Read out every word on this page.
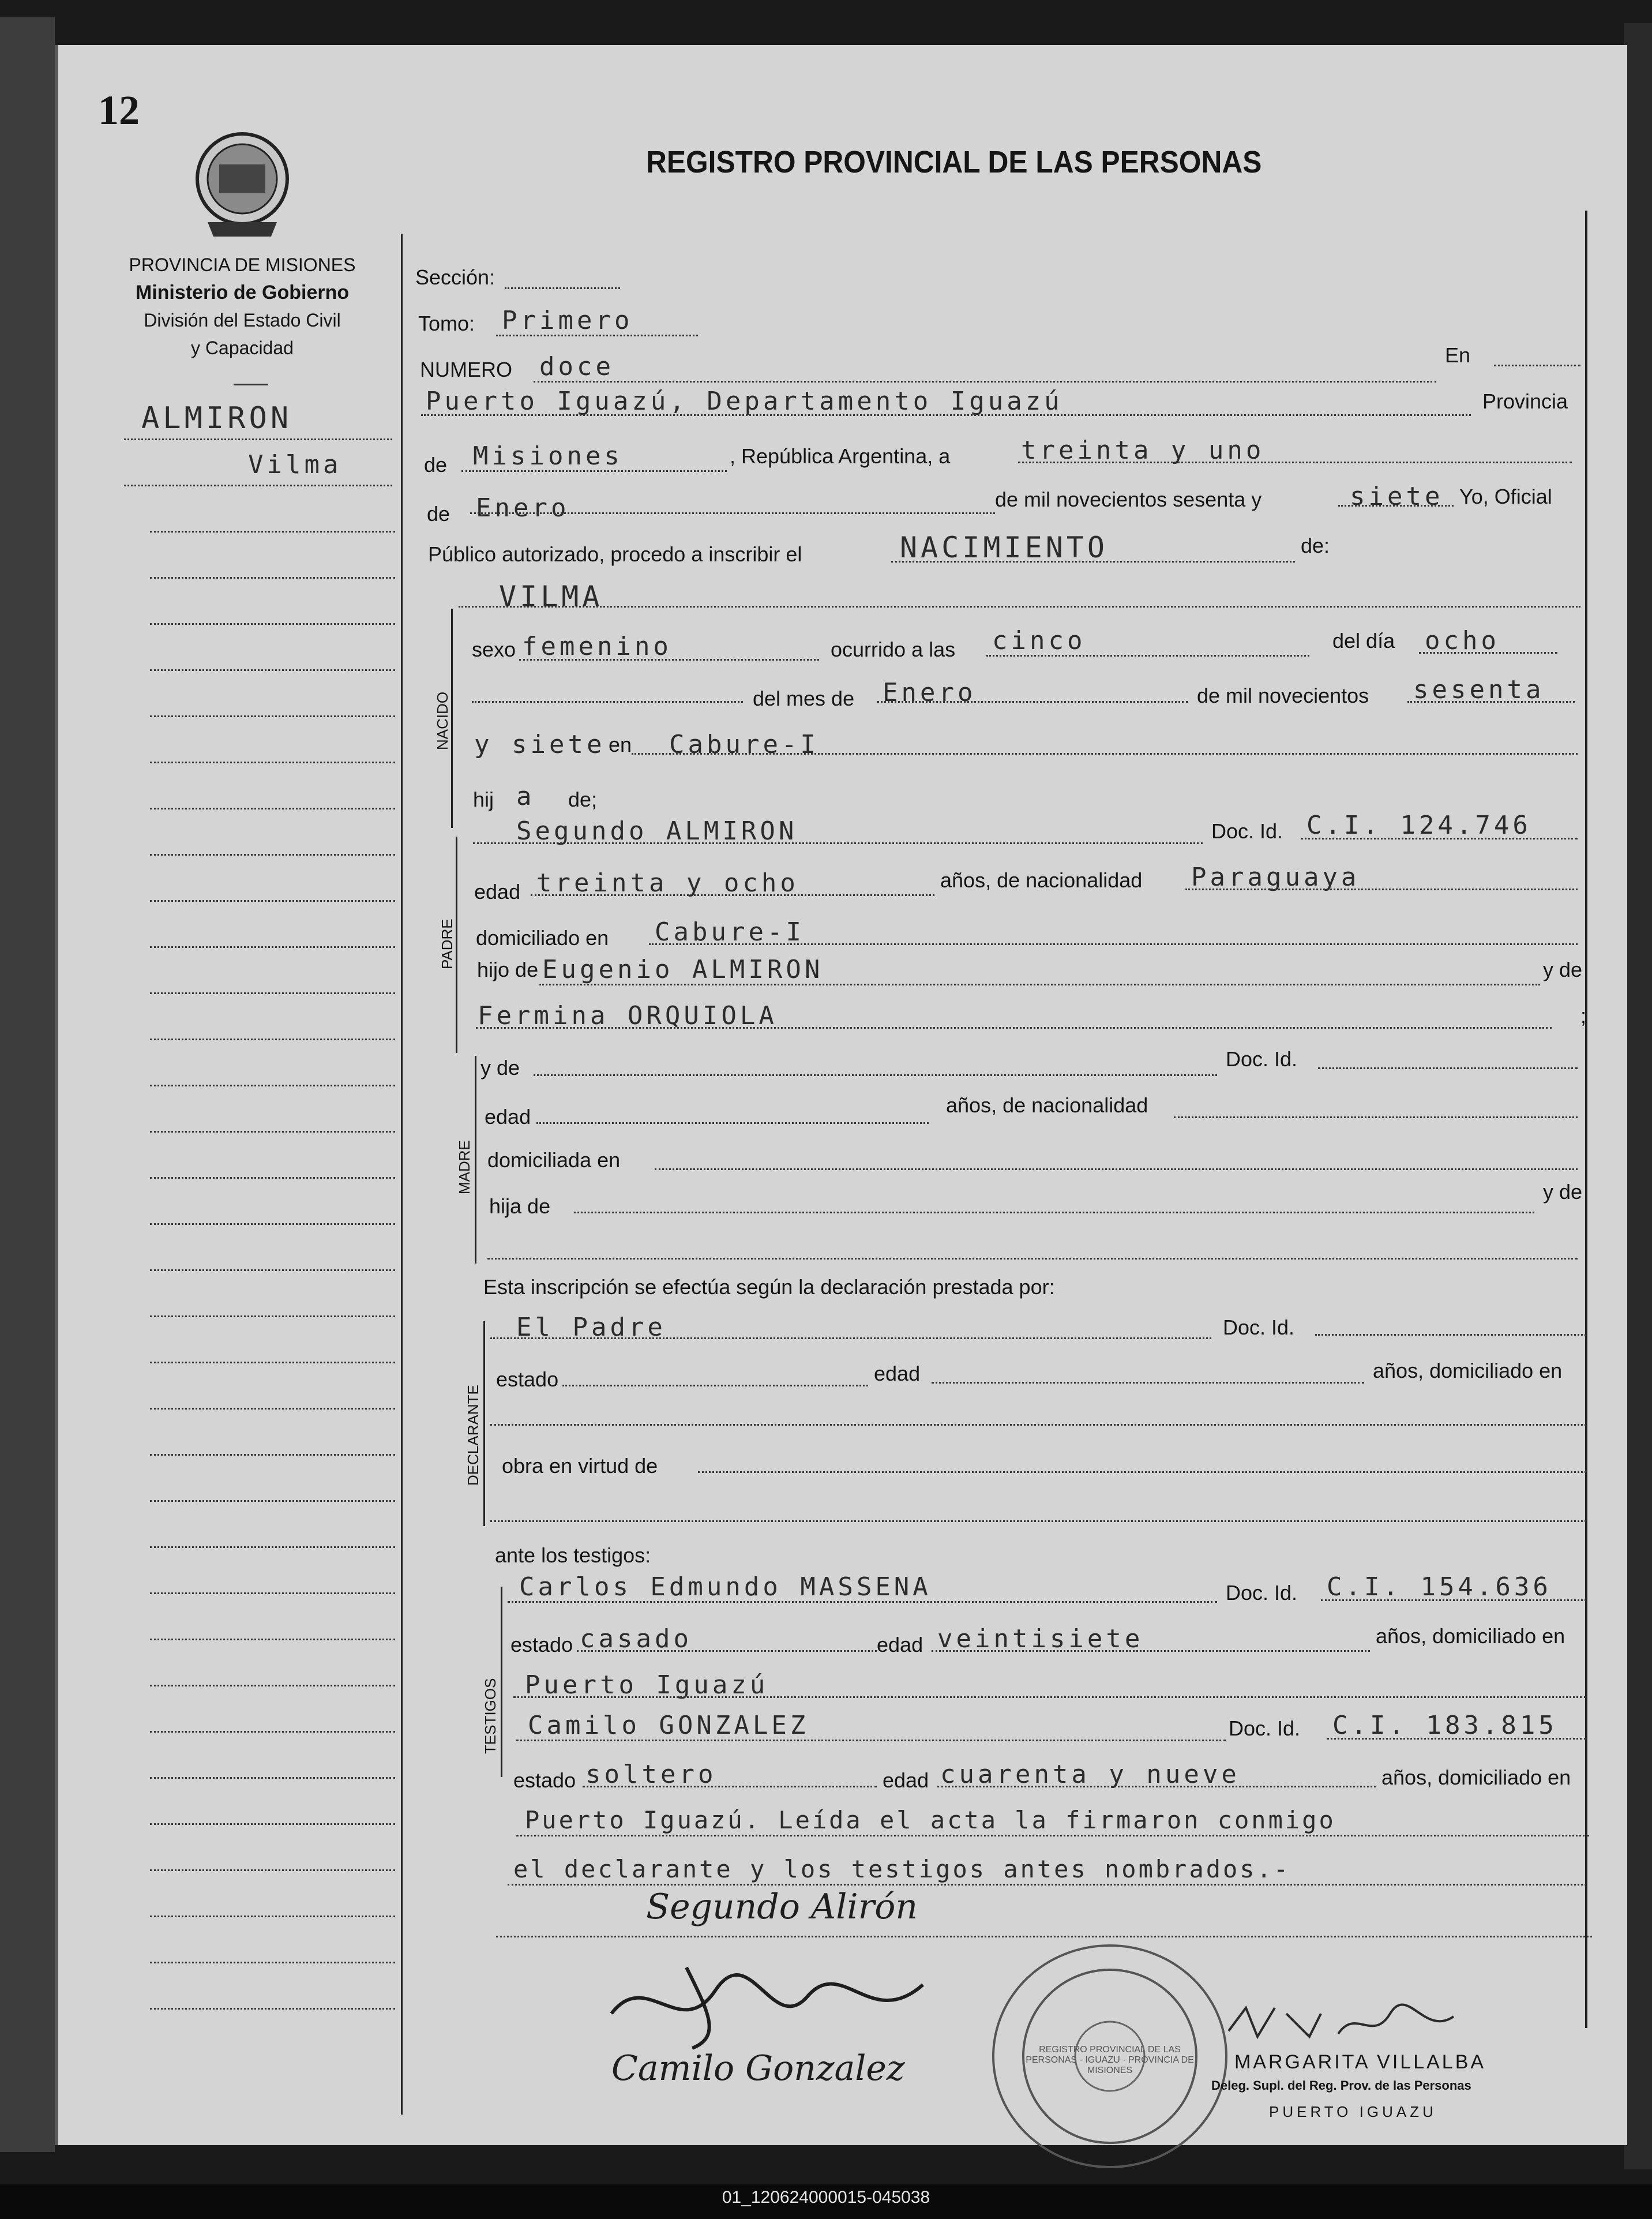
12
REGISTRO PROVINCIAL DE LAS PERSONAS
PROVINCIA DE MISIONES
Ministerio de Gobierno
División del Estado Civil
y Capacidad
ALMIRON
Vilma
Sección:
Tomo: Primero
NUMERO doce	En
Puerto Iguazú, Departamento Iguazú	Provincia
de Misiones	, República Argentina, a	treinta y uno
de Enero	de mil novecientos sesenta y	siete Yo, Oficial
Público autorizado, procedo a inscribir el	NACIMIENTO	de:
VILMA
NACIDO
sexo femenino	ocurrido a las cinco	del día ocho
del mes de Enero	de mil novecientos sesenta
y siete en Cabure-I
hij a de;
PADRE
Segundo ALMIRON	Doc. Id. C.I. 124.746
edad treinta y ocho	años, de nacionalidad Paraguaya
domiciliado en Cabure-I
hijo de Eugenio ALMIRON	y de
Fermina ORQUIOLA	;
MADRE
y de	Doc. Id.
edad	años, de nacionalidad
domiciliada en
hija de
y de
Esta inscripción se efectúa según la declaración prestada por:
DECLARANTE
El Padre	Doc. Id.
estado	edad	años, domiciliado en
obra en virtud de
ante los testigos:
TESTIGOS
Carlos Edmundo MASSENA	Doc. Id. C.I. 154.636
estado casado	edad veintisiete	años, domiciliado en
Puerto Iguazú
Camilo GONZALEZ	Doc. Id. C.I. 183.815
estado soltero	edad cuarenta y nueve	años, domiciliado en
Puerto Iguazú. Leída el acta la firmaron conmigo
el declarante y los testigos antes nombrados.-
Segundo Alirón
Camilo Gonzalez	REGISTRO PROVINCIAL DE LAS PERSONAS · IGUAZU · PROVINCIA DE MISIONES	MARGARITA VILLALBA
Deleg. Supl. del Reg. Prov. de las Personas
PUERTO IGUAZU
01_120624000015-045038
